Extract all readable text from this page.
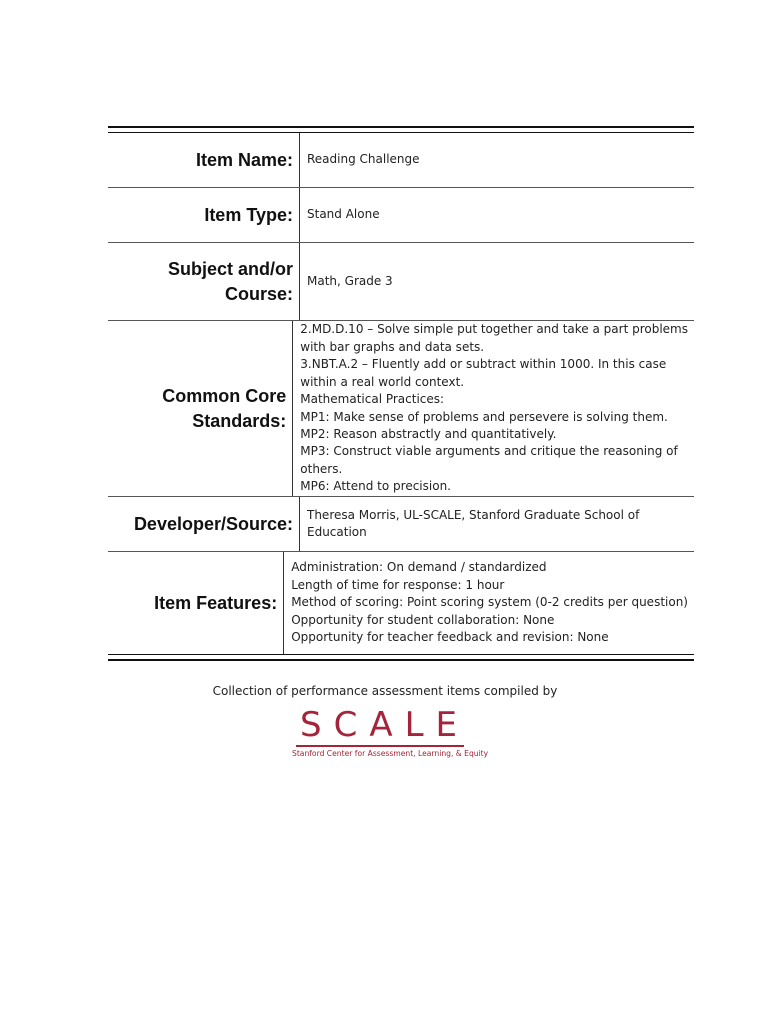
Item Name:	Reading Challenge
Item Type:	Stand Alone
Subject and/or
Course:
Math, Grade 3
Common Core
Standards:
2.MD.D.10 – Solve simple put together and take a part problems
with bar graphs and data sets.
3.NBT.A.2 – Fluently add or subtract within 1000. In this case
within a real world context.
Mathematical Practices:
MP1: Make sense of problems and persevere is solving them.
MP2: Reason abstractly and quantitatively.
MP3: Construct viable arguments and critique the reasoning of
others.
MP6: Attend to precision.
Developer/Source:	Theresa Morris, UL-SCALE, Stanford Graduate School of Education
Item Features:
Administration: On demand / standardized
Length of time for response: 1 hour
Method of scoring: Point scoring system (0-2 credits per question)
Opportunity for student collaboration: None
Opportunity for teacher feedback and revision: None
Collection of performance assessment items compiled by
SCALE
Stanford Center for Assessment, Learning, & Equity
